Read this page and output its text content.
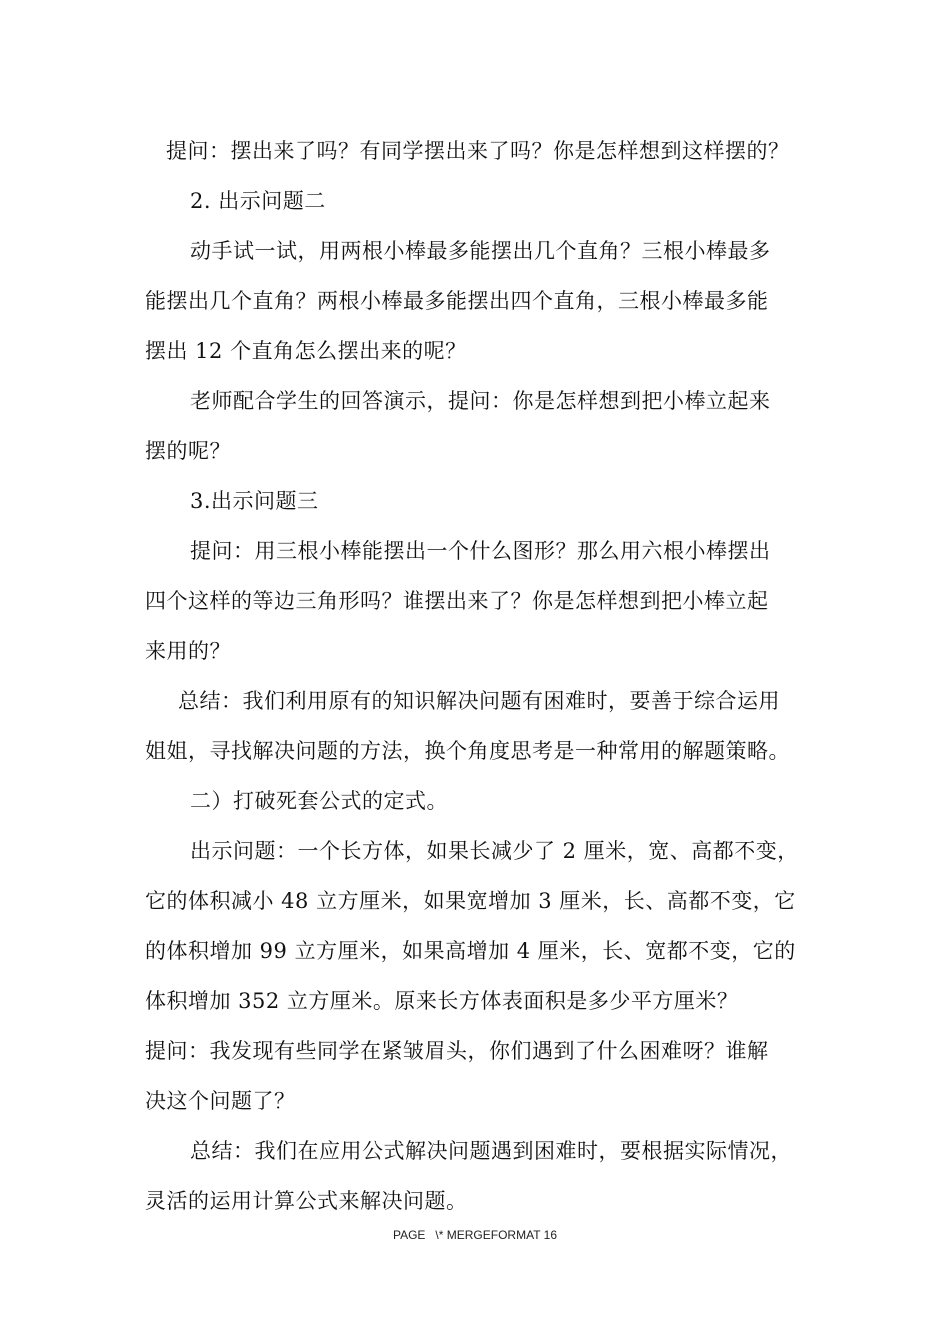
提问：摆出来了吗？有同学摆出来了吗？你是怎样想到这样摆的？
2. 出示问题二
动手试一试，用两根小棒最多能摆出几个直角？三根小棒最多
能摆出几个直角？两根小棒最多能摆出四个直角，三根小棒最多能
摆出 12 个直角怎么摆出来的呢？
老师配合学生的回答演示，提问：你是怎样想到把小棒立起来
摆的呢？
3.出示问题三
提问：用三根小棒能摆出一个什么图形？那么用六根小棒摆出
四个这样的等边三角形吗？谁摆出来了？你是怎样想到把小棒立起
来用的？
总结：我们利用原有的知识解决问题有困难时，要善于综合运用
姐姐，寻找解决问题的方法，换个角度思考是一种常用的解题策略。
二）打破死套公式的定式。
出示问题：一个长方体，如果长减少了 2 厘米，宽、高都不变，
它的体积减小 48 立方厘米，如果宽增加 3 厘米，长、高都不变，它
的体积增加 99 立方厘米，如果高增加 4 厘米，长、宽都不变，它的
体积增加 352 立方厘米。原来长方体表面积是多少平方厘米？
提问：我发现有些同学在紧皱眉头，你们遇到了什么困难呀？谁解
决这个问题了？
总结：我们在应用公式解决问题遇到困难时，要根据实际情况，
灵活的运用计算公式来解决问题。
PAGE   \* MERGEFORMAT 16
